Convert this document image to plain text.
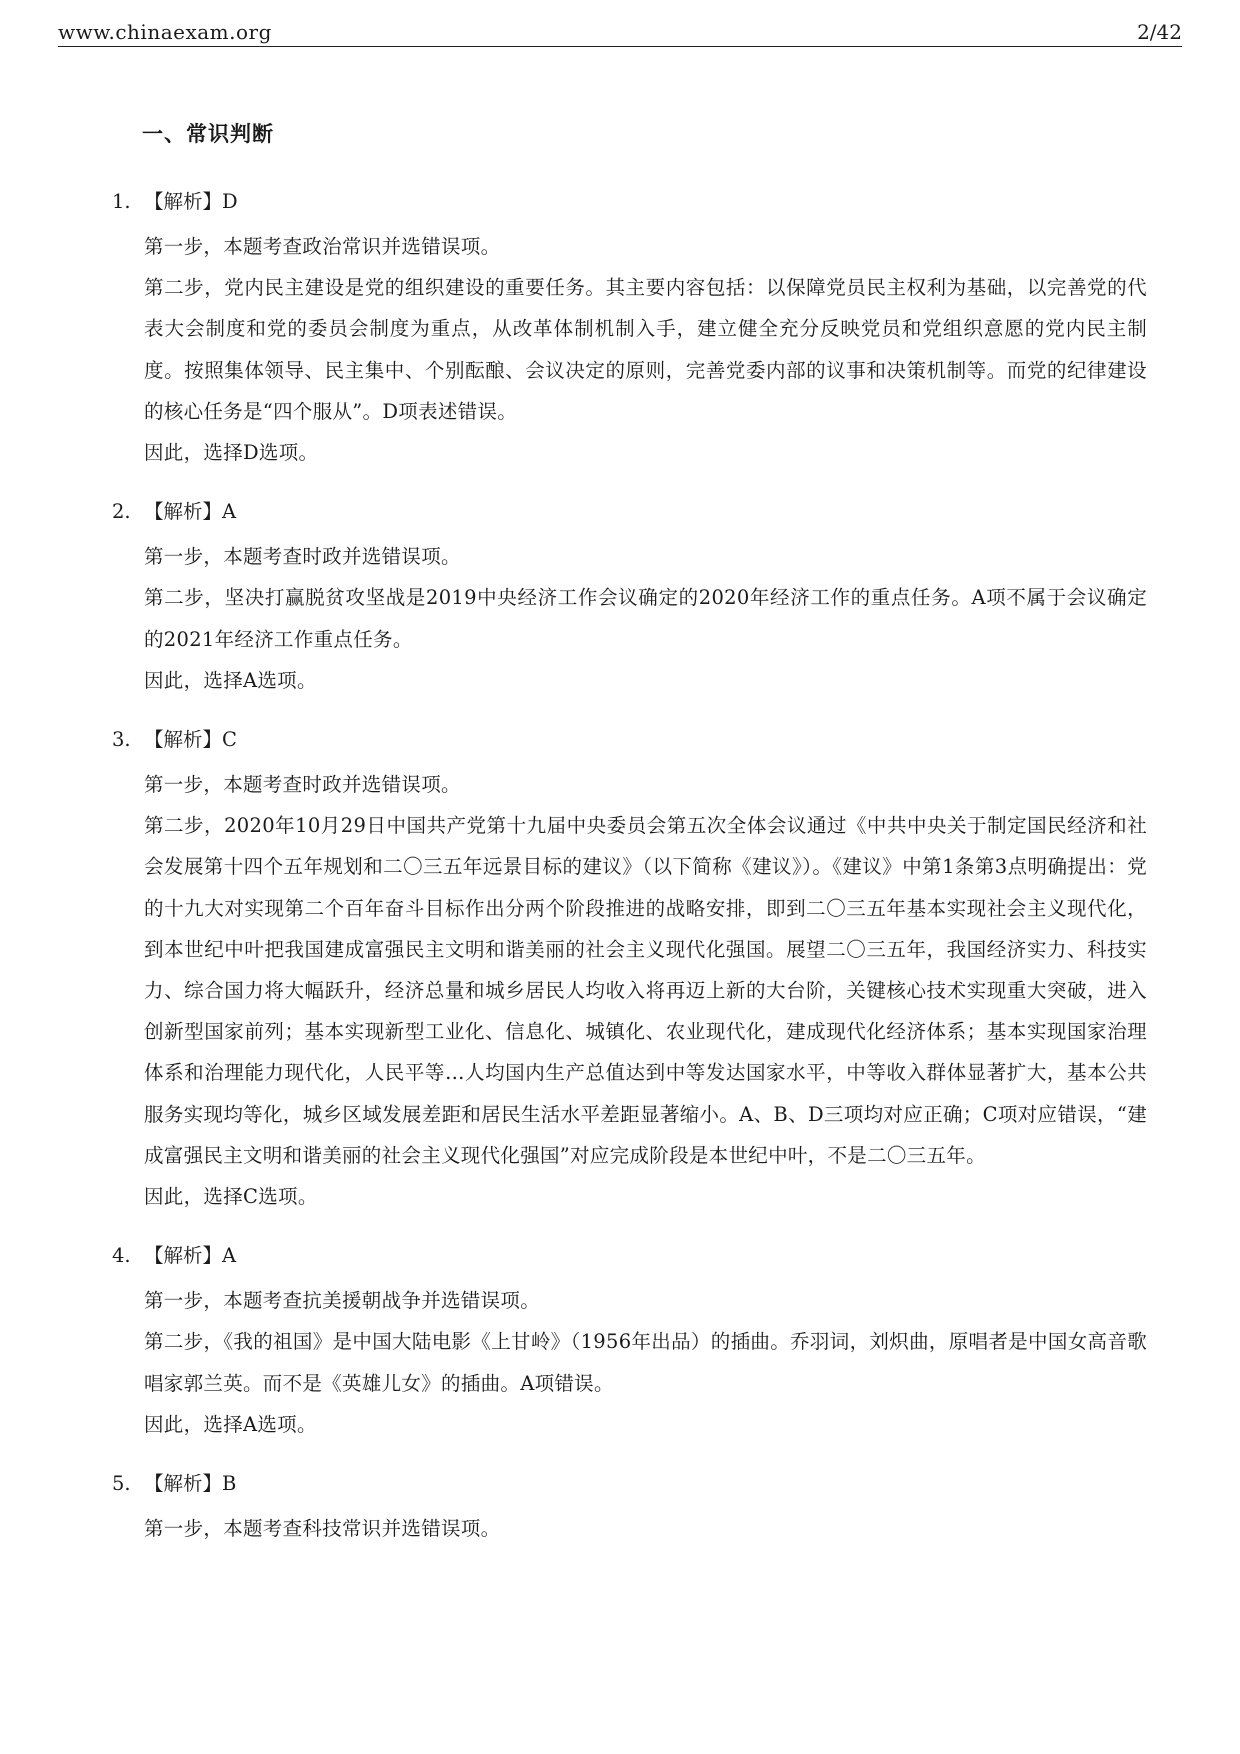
www.chinaexam.org	2/42
一、常识判断
1. 【解析】D

第一步，本题考查政治常识并选错误项。

第二步，党内民主建设是党的组织建设的重要任务。其主要内容包括：以保障党员民主权利为基础，以完善党的代表大会制度和党的委员会制度为重点，从改革体制机制入手，建立健全充分反映党员和党组织意愿的党内民主制度。按照集体领导、民主集中、个别酝酿、会议决定的原则，完善党委内部的议事和决策机制等。而党的纪律建设的核心任务是“四个服从”。D项表述错误。

因此，选择D选项。

2. 【解析】A

第一步，本题考查时政并选错误项。

第二步，坚决打赢脱贫攻坚战是2019中央经济工作会议确定的2020年经济工作的重点任务。A项不属于会议确定的2021年经济工作重点任务。

因此，选择A选项。

3. 【解析】C

第一步，本题考查时政并选错误项。

第二步，2020年10月29日中国共产党第十九届中央委员会第五次全体会议通过《中共中央关于制定国民经济和社会发展第十四个五年规划和二〇三五年远景目标的建议》（以下简称《建议》）。《建议》中第1条第3点明确提出：党的十九大对实现第二个百年奋斗目标作出分两个阶段推进的战略安排，即到二〇三五年基本实现社会主义现代化，到本世纪中叶把我国建成富强民主文明和谐美丽的社会主义现代化强国。展望二〇三五年，我国经济实力、科技实力、综合国力将大幅跃升，经济总量和城乡居民人均收入将再迈上新的大台阶，关键核心技术实现重大突破，进入创新型国家前列；基本实现新型工业化、信息化、城镇化、农业现代化，建成现代化经济体系；基本实现国家治理体系和治理能力现代化，人民平等…人均国内生产总值达到中等发达国家水平，中等收入群体显著扩大，基本公共服务实现均等化，城乡区域发展差距和居民生活水平差距显著缩小。A、B、D三项均对应正确；C项对应错误，“建成富强民主文明和谐美丽的社会主义现代化强国”对应完成阶段是本世纪中叶，不是二〇三五年。

因此，选择C选项。

4. 【解析】A

第一步，本题考查抗美援朝战争并选错误项。

第二步，《我的祖国》是中国大陆电影《上甘岭》（1956年出品）的插曲。乔羽词，刘炽曲，原唱者是中国女高音歌唱家郭兰英。而不是《英雄儿女》的插曲。A项错误。

因此，选择A选项。

5. 【解析】B

第一步，本题考查科技常识并选错误项。
